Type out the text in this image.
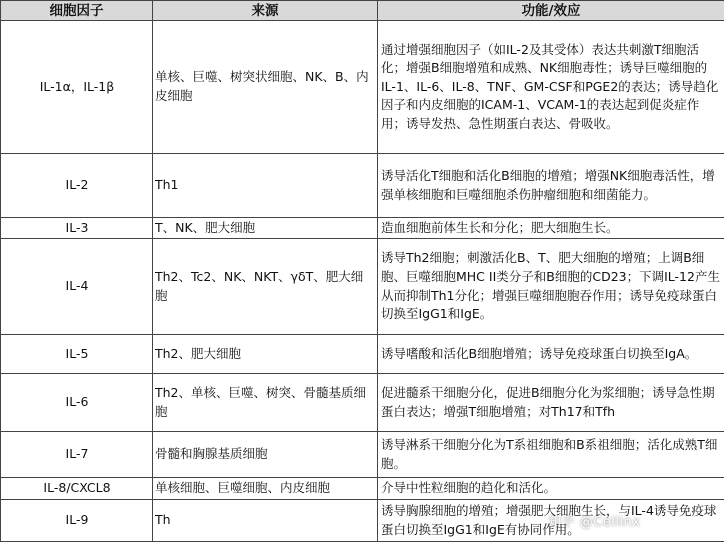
细胞因子	来源	功能/效应
IL-1α，IL-1β	单核、巨噬、树突状细胞、NK、B、内皮细胞	通过增强细胞因子（如IL-2及其受体）表达共刺激T细胞活化；增强B细胞增殖和成熟、NK细胞毒性；诱导巨噬细胞的IL-1、IL-6、IL-8、TNF、GM-CSF和PGE2的表达；诱导趋化因子和内皮细胞的ICAM-1、VCAM-1的表达起到促炎症作用；诱导发热、急性期蛋白表达、骨吸收。
IL-2	Th1	诱导活化T细胞和活化B细胞的增殖；增强NK细胞毒活性，增强单核细胞和巨噬细胞杀伤肿瘤细胞和细菌能力。
IL-3	T、NK、肥大细胞	造血细胞前体生长和分化；肥大细胞生长。
IL-4	Th2、Tc2、NK、NKT、γδT、肥大细胞	诱导Th2细胞；刺激活化B、T、肥大细胞的增殖；上调B细胞、巨噬细胞MHC II类分子和B细胞的CD23；下调IL-12产生从而抑制Th1分化；增强巨噬细胞胞吞作用；诱导免疫球蛋白切换至IgG1和IgE。
IL-5	Th2、肥大细胞	诱导嗜酸和活化B细胞增殖；诱导免疫球蛋白切换至IgA。
IL-6	Th2、单核、巨噬、树突、骨髓基质细胞	促进髓系干细胞分化，促进B细胞分化为浆细胞；诱导急性期蛋白表达；增强T细胞增殖；对Th17和Tfh
IL-7	骨髓和胸腺基质细胞	诱导淋系干细胞分化为T系祖细胞和B系祖细胞；活化成熟T细胞。
IL-8/CXCL8	单核细胞、巨噬细胞、内皮细胞	介导中性粒细胞的趋化和活化。
IL-9	Th	诱导胸腺细胞的增殖；增强肥大细胞生长，与IL-4诱导免疫球蛋白切换至IgG1和IgE有协同作用。
知乎 @Cellinx
